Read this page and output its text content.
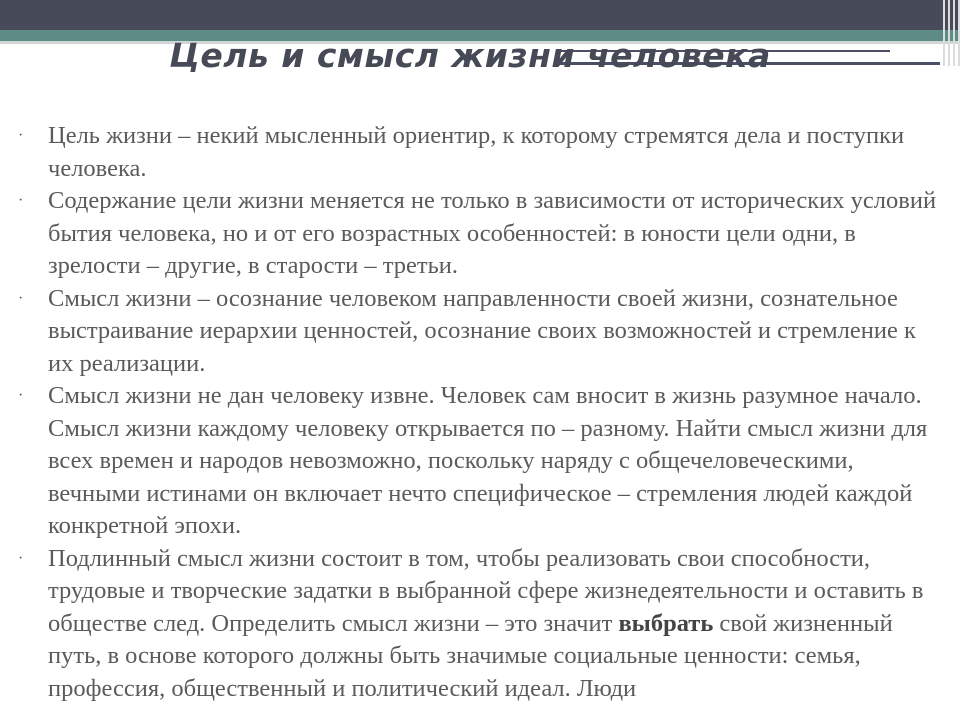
Цель и смысл жизни человека
·	Цель жизни – некий мысленный ориентир, к которому стремятся дела и поступки человека.
·	Содержание цели жизни меняется не только в зависимости от исторических условий бытия человека, но и от его возрастных особенностей: в юности цели одни, в зрелости – другие, в старости – третьи.
·	Смысл жизни – осознание человеком направленности своей жизни, сознательное выстраивание иерархии ценностей, осознание своих возможностей и стремление к их реализации.
·	Смысл жизни не дан человеку извне. Человек сам вносит в жизнь разумное начало. Смысл жизни каждому человеку открывается по – разному. Найти смысл жизни для всех времен и народов невозможно, поскольку наряду с общечеловеческими, вечными истинами он включает нечто специфическое – стремления людей каждой конкретной эпохи.
·	Подлинный смысл жизни состоит в том, чтобы реализовать свои способности, трудовые и творческие задатки в выбранной сфере жизнедеятельности и оставить в обществе след. Определить смысл жизни – это значит выбрать свой жизненный путь, в основе которого должны быть значимые социальные ценности: семья, профессия, общественный и политический идеал. Люди
